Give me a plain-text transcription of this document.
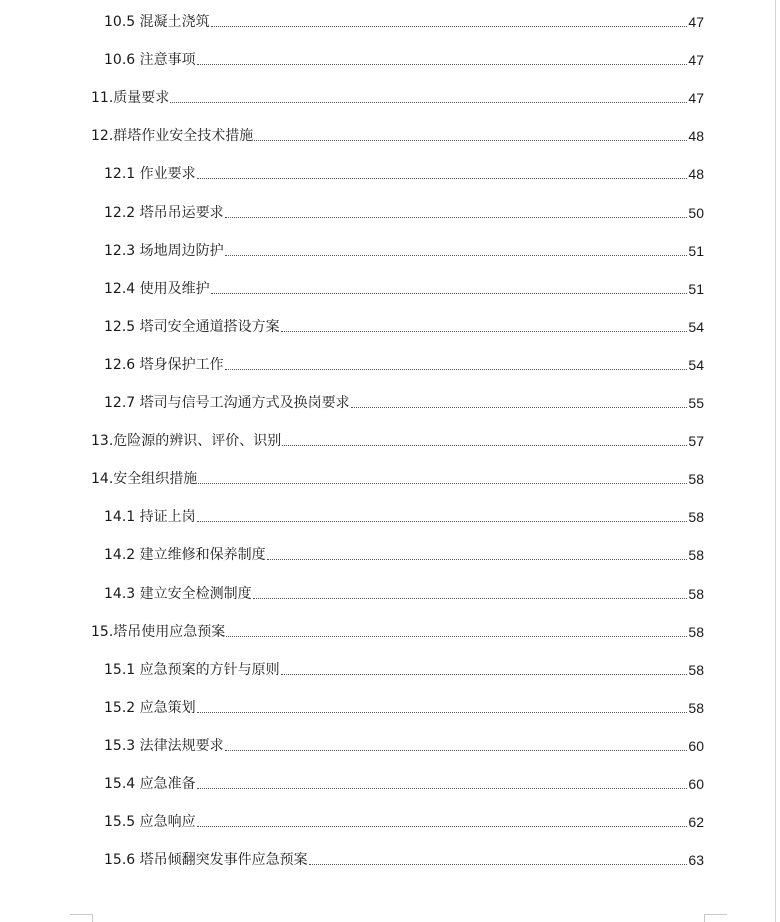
10.5 混凝土浇筑	47
10.6 注意事项	47
11.质量要求	47
12.群塔作业安全技术措施	48
12.1 作业要求	48
12.2 塔吊吊运要求	50
12.3 场地周边防护	51
12.4 使用及维护	51
12.5 塔司安全通道搭设方案	54
12.6 塔身保护工作	54
12.7 塔司与信号工沟通方式及换岗要求	55
13.危险源的辨识、评价、识别	57
14.安全组织措施	58
14.1 持证上岗	58
14.2 建立维修和保养制度	58
14.3 建立安全检测制度	58
15.塔吊使用应急预案	58
15.1 应急预案的方针与原则	58
15.2 应急策划	58
15.3 法律法规要求	60
15.4 应急准备	60
15.5 应急响应	62
15.6 塔吊倾翻突发事件应急预案	63
